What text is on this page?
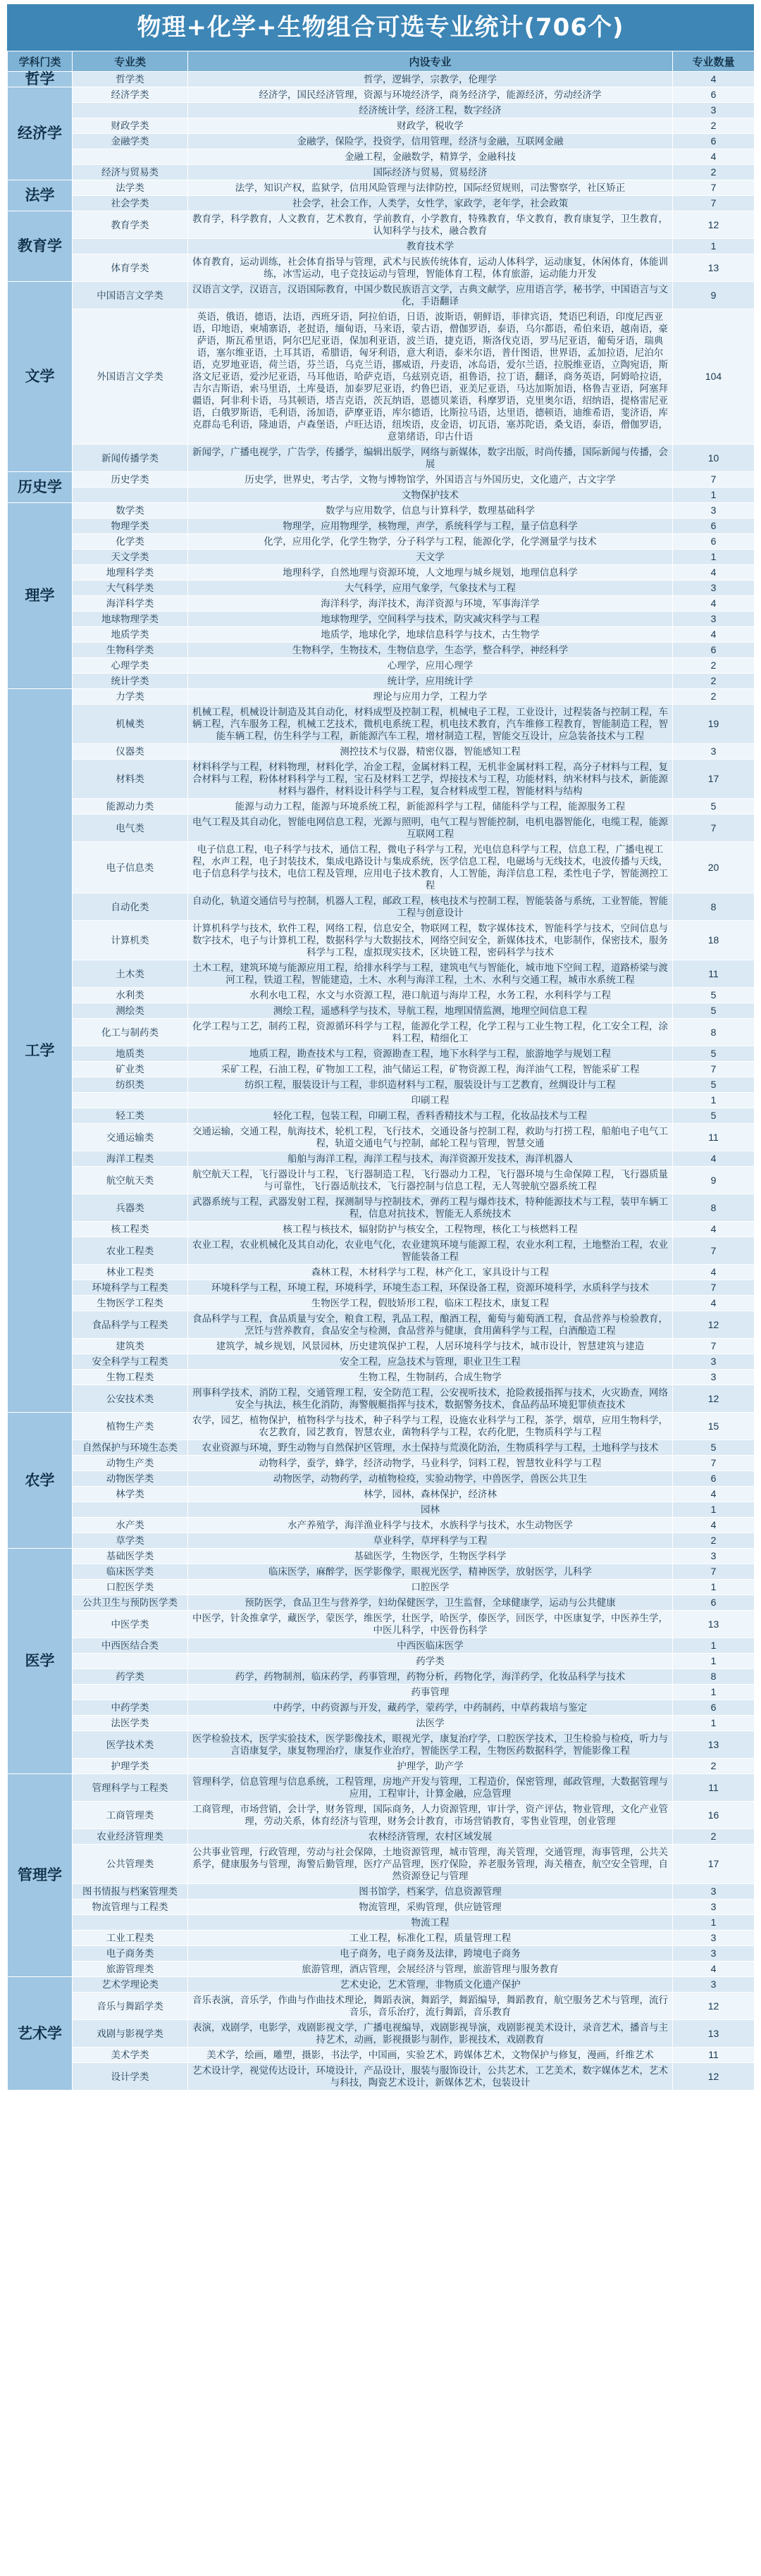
物理+化学+生物组合可选专业统计(706个)
学科门类	专业类	内设专业	专业数量
哲学	哲学类	哲学，逻辑学，宗教学，伦理学	4
经济学	经济学类	经济学，国民经济管理，资源与环境经济学，商务经济学，能源经济，劳动经济学	6
		经济统计学，经济工程，数字经济	3
	财政学类	财政学，税收学	2
	金融学类	金融学，保险学，投资学，信用管理，经济与金融，互联网金融	6
		金融工程，金融数学，精算学，金融科技	4
	经济与贸易类	国际经济与贸易，贸易经济	2
法学	法学类	法学，知识产权，监狱学，信用风险管理与法律防控，国际经贸规则，司法警察学，社区矫正	7
	社会学类	社会学，社会工作，人类学，女性学，家政学，老年学，社会政策	7
教育学	教育学类	教育学，科学教育，人文教育，艺术教育，学前教育，小学教育，特殊教育，华文教育，教育康复学，卫生教育，认知科学与技术，融合教育	12
		教育技术学	1
	体育学类	体育教育，运动训练，社会体育指导与管理，武术与民族传统体育，运动人体科学，运动康复，休闲体育，体能训练，冰雪运动，电子竞技运动与管理，智能体育工程，体育旅游，运动能力开发	13
文学	中国语言文学类	汉语言文学，汉语言，汉语国际教育，中国少数民族语言文学，古典文献学，应用语言学，秘书学，中国语言与文化，手语翻译	9
	外国语言文学类	英语，俄语，德语，法语，西班牙语，阿拉伯语，日语，波斯语，朝鲜语，菲律宾语，梵语巴利语，印度尼西亚语，印地语，柬埔寨语，老挝语，缅甸语，马来语，蒙古语，僧伽罗语，泰语，乌尔都语，希伯来语，越南语，豪萨语，斯瓦希里语，阿尔巴尼亚语，保加利亚语，波兰语，捷克语，斯洛伐克语，罗马尼亚语，葡萄牙语，瑞典语，塞尔维亚语，土耳其语，希腊语，匈牙利语，意大利语，泰米尔语，普什图语，世界语，孟加拉语，尼泊尔语，克罗地亚语，荷兰语，芬兰语，乌克兰语，挪威语，丹麦语，冰岛语，爱尔兰语，拉脱维亚语，立陶宛语，斯洛文尼亚语，爱沙尼亚语，马耳他语，哈萨克语，乌兹别克语，祖鲁语，拉丁语，翻译，商务英语，阿姆哈拉语，吉尔吉斯语，索马里语，土库曼语，加泰罗尼亚语，约鲁巴语，亚美尼亚语，马达加斯加语，格鲁吉亚语，阿塞拜疆语，阿非利卡语，马其顿语，塔吉克语，茨瓦纳语，恩德贝莱语，科摩罗语，克里奥尔语，绍纳语，提格雷尼亚语，白俄罗斯语，毛利语，汤加语，萨摩亚语，库尔德语，比斯拉马语，达里语，德顿语，迪维希语，斐济语，库克群岛毛利语，隆迪语，卢森堡语，卢旺达语，纽埃语，皮金语，切瓦语，塞苏陀语，桑戈语，泰语，僧伽罗语，意第绪语，印古什语	104
	新闻传播学类	新闻学，广播电视学，广告学，传播学，编辑出版学，网络与新媒体，数字出版，时尚传播，国际新闻与传播，会展	10
历史学	历史学类	历史学，世界史，考古学，文物与博物馆学，外国语言与外国历史，文化遗产，古文字学	7
		文物保护技术	1
理学	数学类	数学与应用数学，信息与计算科学，数理基础科学	3
	物理学类	物理学，应用物理学，核物理，声学，系统科学与工程，量子信息科学	6
	化学类	化学，应用化学，化学生物学，分子科学与工程，能源化学，化学测量学与技术	6
	天文学类	天文学	1
	地理科学类	地理科学，自然地理与资源环境，人文地理与城乡规划，地理信息科学	4
	大气科学类	大气科学，应用气象学，气象技术与工程	3
	海洋科学类	海洋科学，海洋技术，海洋资源与环境，军事海洋学	4
	地球物理学类	地球物理学，空间科学与技术，防灾减灾科学与工程	3
	地质学类	地质学，地球化学，地球信息科学与技术，古生物学	4
	生物科学类	生物科学，生物技术，生物信息学，生态学，整合科学，神经科学	6
	心理学类	心理学，应用心理学	2
	统计学类	统计学，应用统计学	2
工学	力学类	理论与应用力学，工程力学	2
	机械类	机械工程，机械设计制造及其自动化，材料成型及控制工程，机械电子工程，工业设计，过程装备与控制工程，车辆工程，汽车服务工程，机械工艺技术，微机电系统工程，机电技术教育，汽车维修工程教育，智能制造工程，智能车辆工程，仿生科学与工程，新能源汽车工程，增材制造工程，智能交互设计，应急装备技术与工程	19
	仪器类	测控技术与仪器，精密仪器，智能感知工程	3
	材料类	材料科学与工程，材料物理，材料化学，冶金工程，金属材料工程，无机非金属材料工程，高分子材料与工程，复合材料与工程，粉体材料科学与工程，宝石及材料工艺学，焊接技术与工程，功能材料，纳米材料与技术，新能源材料与器件，材料设计科学与工程，复合材料成型工程，智能材料与结构	17
	能源动力类	能源与动力工程，能源与环境系统工程，新能源科学与工程，储能科学与工程，能源服务工程	5
	电气类	电气工程及其自动化，智能电网信息工程，光源与照明，电气工程与智能控制，电机电器智能化，电缆工程，能源互联网工程	7
	电子信息类	电子信息工程，电子科学与技术，通信工程，微电子科学与工程，光电信息科学与工程，信息工程，广播电视工程，水声工程，电子封装技术，集成电路设计与集成系统，医学信息工程，电磁场与无线技术，电波传播与天线，电子信息科学与技术，电信工程及管理，应用电子技术教育，人工智能，海洋信息工程，柔性电子学，智能测控工程	20
	自动化类	自动化，轨道交通信号与控制，机器人工程，邮政工程，核电技术与控制工程，智能装备与系统，工业智能，智能工程与创意设计	8
	计算机类	计算机科学与技术，软件工程，网络工程，信息安全，物联网工程，数字媒体技术，智能科学与技术，空间信息与数字技术，电子与计算机工程，数据科学与大数据技术，网络空间安全，新媒体技术，电影制作，保密技术，服务科学与工程，虚拟现实技术，区块链工程，密码科学与技术	18
	土木类	土木工程，建筑环境与能源应用工程，给排水科学与工程，建筑电气与智能化，城市地下空间工程，道路桥梁与渡河工程，铁道工程，智能建造，土木、水利与海洋工程，土木、水利与交通工程，城市水系统工程	11
	水利类	水利水电工程，水文与水资源工程，港口航道与海岸工程，水务工程，水利科学与工程	5
	测绘类	测绘工程，遥感科学与技术，导航工程，地理国情监测，地理空间信息工程	5
	化工与制药类	化学工程与工艺，制药工程，资源循环科学与工程，能源化学工程，化学工程与工业生物工程，化工安全工程，涂料工程，精细化工	8
	地质类	地质工程，勘查技术与工程，资源勘查工程，地下水科学与工程，旅游地学与规划工程	5
	矿业类	采矿工程，石油工程，矿物加工工程，油气储运工程，矿物资源工程，海洋油气工程，智能采矿工程	7
	纺织类	纺织工程，服装设计与工程，非织造材料与工程，服装设计与工艺教育，丝绸设计与工程	5
		印刷工程	1
	轻工类	轻化工程，包装工程，印刷工程，香料香精技术与工程，化妆品技术与工程	5
	交通运输类	交通运输，交通工程，航海技术，轮机工程，飞行技术，交通设备与控制工程，救助与打捞工程，船舶电子电气工程，轨道交通电气与控制，邮轮工程与管理，智慧交通	11
	海洋工程类	船舶与海洋工程，海洋工程与技术，海洋资源开发技术，海洋机器人	4
	航空航天类	航空航天工程，飞行器设计与工程，飞行器制造工程，飞行器动力工程，飞行器环境与生命保障工程，飞行器质量与可靠性，飞行器适航技术，飞行器控制与信息工程，无人驾驶航空器系统工程	9
	兵器类	武器系统与工程，武器发射工程，探测制导与控制技术，弹药工程与爆炸技术，特种能源技术与工程，装甲车辆工程，信息对抗技术，智能无人系统技术	8
	核工程类	核工程与核技术，辐射防护与核安全，工程物理，核化工与核燃料工程	4
	农业工程类	农业工程，农业机械化及其自动化，农业电气化，农业建筑环境与能源工程，农业水利工程，土地整治工程，农业智能装备工程	7
	林业工程类	森林工程，木材科学与工程，林产化工，家具设计与工程	4
	环境科学与工程类	环境科学与工程，环境工程，环境科学，环境生态工程，环保设备工程，资源环境科学，水质科学与技术	7
	生物医学工程类	生物医学工程，假肢矫形工程，临床工程技术，康复工程	4
	食品科学与工程类	食品科学与工程，食品质量与安全，粮食工程，乳品工程，酿酒工程，葡萄与葡萄酒工程，食品营养与检验教育，烹饪与营养教育，食品安全与检测，食品营养与健康，食用菌科学与工程，白酒酿造工程	12
	建筑类	建筑学，城乡规划，风景园林，历史建筑保护工程，人居环境科学与技术，城市设计，智慧建筑与建造	7
	安全科学与工程类	安全工程，应急技术与管理，职业卫生工程	3
	生物工程类	生物工程，生物制药，合成生物学	3
	公安技术类	刑事科学技术，消防工程，交通管理工程，安全防范工程，公安视听技术，抢险救援指挥与技术，火灾勘查，网络安全与执法，核生化消防，海警舰艇指挥与技术，数据警务技术，食品药品环境犯罪侦查技术	12
农学	植物生产类	农学，园艺，植物保护，植物科学与技术，种子科学与工程，设施农业科学与工程，茶学，烟草，应用生物科学，农艺教育，园艺教育，智慧农业，菌物科学与工程，农药化肥，生物质科学与工程	15
	自然保护与环境生态类	农业资源与环境，野生动物与自然保护区管理，水土保持与荒漠化防治，生物质科学与工程，土地科学与技术	5
	动物生产类	动物科学，蚕学，蜂学，经济动物学，马业科学，饲料工程，智慧牧业科学与工程	7
	动物医学类	动物医学，动物药学，动植物检疫，实验动物学，中兽医学，兽医公共卫生	6
	林学类	林学，园林，森林保护，经济林	4
		园林	1
	水产类	水产养殖学，海洋渔业科学与技术，水族科学与技术，水生动物医学	4
	草学类	草业科学，草坪科学与工程	2
医学	基础医学类	基础医学，生物医学，生物医学科学	3
	临床医学类	临床医学，麻醉学，医学影像学，眼视光医学，精神医学，放射医学，儿科学	7
	口腔医学类	口腔医学	1
	公共卫生与预防医学类	预防医学，食品卫生与营养学，妇幼保健医学，卫生监督，全球健康学，运动与公共健康	6
	中医学类	中医学，针灸推拿学，藏医学，蒙医学，维医学，壮医学，哈医学，傣医学，回医学，中医康复学，中医养生学，中医儿科学，中医骨伤科学	13
	中西医结合类	中西医临床医学	1
		药学类	1
	药学类	药学，药物制剂，临床药学，药事管理，药物分析，药物化学，海洋药学，化妆品科学与技术	8
		药事管理	1
	中药学类	中药学，中药资源与开发，藏药学，蒙药学，中药制药，中草药栽培与鉴定	6
	法医学类	法医学	1
	医学技术类	医学检验技术，医学实验技术，医学影像技术，眼视光学，康复治疗学，口腔医学技术，卫生检验与检疫，听力与言语康复学，康复物理治疗，康复作业治疗，智能医学工程，生物医药数据科学，智能影像工程	13
	护理学类	护理学，助产学	2
管理学	管理科学与工程类	管理科学，信息管理与信息系统，工程管理，房地产开发与管理，工程造价，保密管理，邮政管理，大数据管理与应用，工程审计，计算金融，应急管理	11
	工商管理类	工商管理，市场营销，会计学，财务管理，国际商务，人力资源管理，审计学，资产评估，物业管理，文化产业管理，劳动关系，体育经济与管理，财务会计教育，市场营销教育，零售业管理，创业管理	16
	农业经济管理类	农林经济管理，农村区域发展	2
	公共管理类	公共事业管理，行政管理，劳动与社会保障，土地资源管理，城市管理，海关管理，交通管理，海事管理，公共关系学，健康服务与管理，海警后勤管理，医疗产品管理，医疗保险，养老服务管理，海关稽查，航空安全管理，自然资源登记与管理	17
	图书情报与档案管理类	图书馆学，档案学，信息资源管理	3
	物流管理与工程类	物流管理，采购管理，供应链管理	3
		物流工程	1
	工业工程类	工业工程，标准化工程，质量管理工程	3
	电子商务类	电子商务，电子商务及法律，跨境电子商务	3
	旅游管理类	旅游管理，酒店管理，会展经济与管理，旅游管理与服务教育	4
艺术学	艺术学理论类	艺术史论，艺术管理，非物质文化遗产保护	3
	音乐与舞蹈学类	音乐表演，音乐学，作曲与作曲技术理论，舞蹈表演，舞蹈学，舞蹈编导，舞蹈教育，航空服务艺术与管理，流行音乐，音乐治疗，流行舞蹈，音乐教育	12
	戏剧与影视学类	表演，戏剧学，电影学，戏剧影视文学，广播电视编导，戏剧影视导演，戏剧影视美术设计，录音艺术，播音与主持艺术，动画，影视摄影与制作，影视技术，戏剧教育	13
	美术学类	美术学，绘画，雕塑，摄影，书法学，中国画，实验艺术，跨媒体艺术，文物保护与修复，漫画，纤维艺术	11
	设计学类	艺术设计学，视觉传达设计，环境设计，产品设计，服装与服饰设计，公共艺术，工艺美术，数字媒体艺术，艺术与科技，陶瓷艺术设计，新媒体艺术，包装设计	12
